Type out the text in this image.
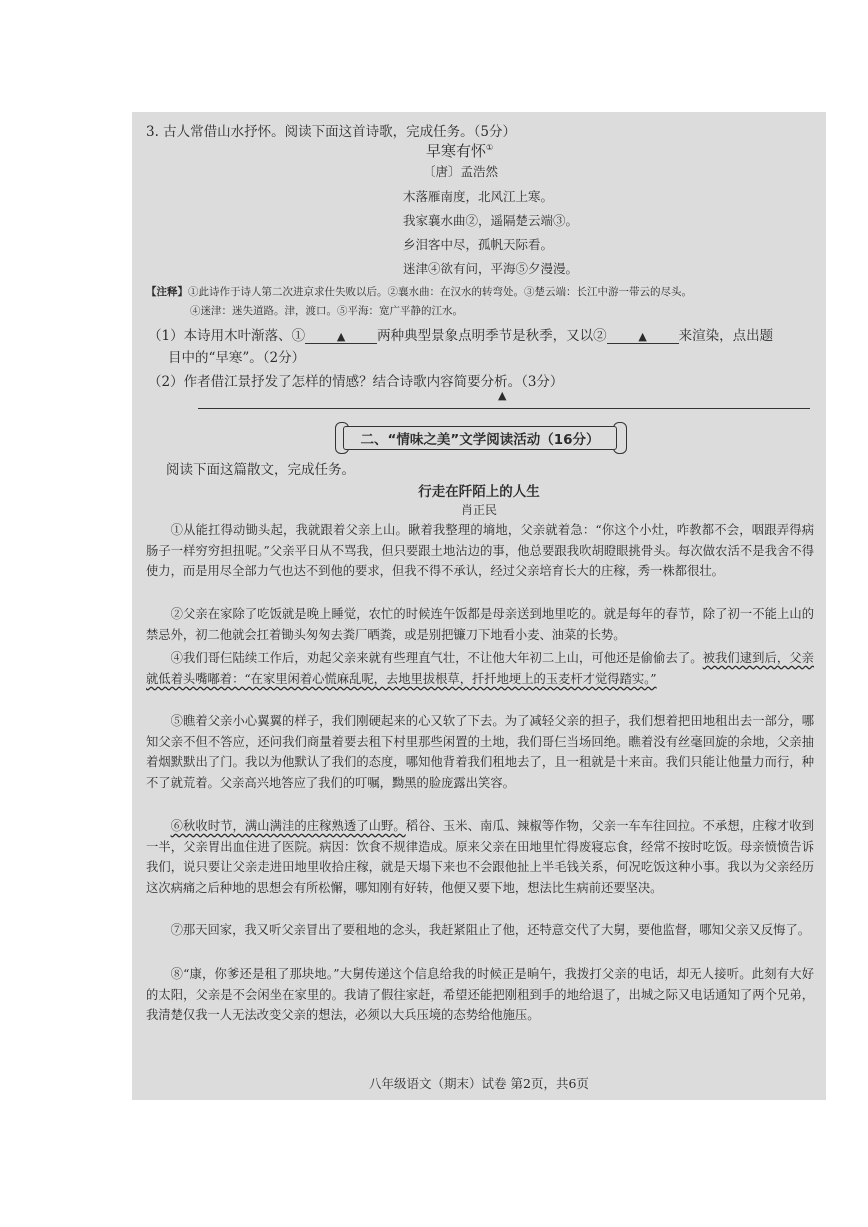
3. 古人常借山水抒怀。阅读下面这首诗歌，完成任务。（5分）
早寒有怀①
〔唐〕孟浩然
木落雁南度，北风江上寒。
我家襄水曲②，遥隔楚云端③。
乡泪客中尽，孤帆天际看。
迷津④欲有问，平海⑤夕漫漫。
【注释】①此诗作于诗人第二次进京求仕失败以后。②襄水曲：在汉水的转弯处。③楚云端：长江中游一带云的尽头。
④迷津：迷失道路。津，渡口。⑤平海：宽广平静的江水。
（1）本诗用木叶渐落、①	▲ 两种典型景象点明季节是秋季，又以②	▲ 来渲染，点出题
目中的“早寒”。（2分）
（2）作者借江景抒发了怎样的情感？结合诗歌内容简要分析。（3分）
▲
二、“情味之美”文学阅读活动（16分）
阅读下面这篇散文，完成任务。
行走在阡陌上的人生
肖正民

①从能扛得动锄头起，我就跟着父亲上山。瞅着我整理的墒地，父亲就着急：“你这个小灶，咋教都不会，咽跟弄得病肠子一样穷穷担扭呢。”父亲平日从不骂我，但只要跟土地沾边的事，他总要跟我吹胡瞪眼挑骨头。每次做农活不是我舍不得使力，而是用尽全部力气也达不到他的要求，但我不得不承认，经过父亲培育长大的庄稼，秀一株都很壮。

②父亲在家除了吃饭就是晚上睡觉，农忙的时候连午饭都是母亲送到地里吃的。就是每年的春节，除了初一不能上山的禁忌外，初二他就会扛着锄头匆匆去粪厂晒粪，或是别把镰刀下地看小麦、油菜的长势。

④我们哥仨陆续工作后，劝起父亲来就有些理直气壮，不让他大年初二上山，可他还是偷偷去了。被我们逮到后，父亲就低着头嘴嘟着：“在家里闲着心慌麻乱呢，去地里拔根草，扦扦地埂上的玉麦杆才觉得踏实。”

⑤瞧着父亲小心翼翼的样子，我们刚硬起来的心又软了下去。为了减轻父亲的担子，我们想着把田地租出去一部分，哪知父亲不但不答应，还问我们商量着要去租下村里那些闲置的土地，我们哥仨当场回绝。瞧着没有丝毫回旋的余地，父亲抽着烟默默出了门。我以为他默认了我们的态度，哪知他背着我们租地去了，且一租就是十来亩。我们只能让他量力而行，种不了就荒着。父亲高兴地答应了我们的叮嘱，黝黑的脸庞露出笑容。

⑥秋收时节，满山满洼的庄稼熟透了山野。稻谷、玉米、南瓜、辣椒等作物，父亲一车车往回拉。不承想，庄稼才收到一半，父亲胃出血住进了医院。病因：饮食不规律造成。原来父亲在田地里忙得废寝忘食，经常不按时吃饭。母亲愤愤告诉我们，说只要让父亲走进田地里收拾庄稼，就是天塌下来也不会跟他扯上半毛钱关系，何况吃饭这种小事。我以为父亲经历这次病痛之后种地的思想会有所松懈，哪知刚有好转，他便又要下地，想法比生病前还要坚决。

⑦那天回家，我又听父亲冒出了要租地的念头，我赶紧阻止了他，还特意交代了大舅，要他监督，哪知父亲又反悔了。

⑧“康，你爹还是租了那块地。”大舅传递这个信息给我的时候正是晌午，我拨打父亲的电话，却无人接听。此刻有大好的太阳，父亲是不会闲坐在家里的。我请了假往家赶，希望还能把刚租到手的地给退了，出城之际又电话通知了两个兄弟，我清楚仅我一人无法改变父亲的想法，必须以大兵压境的态势给他施压。

八年级语文（期末）试卷 第2页，共6页
